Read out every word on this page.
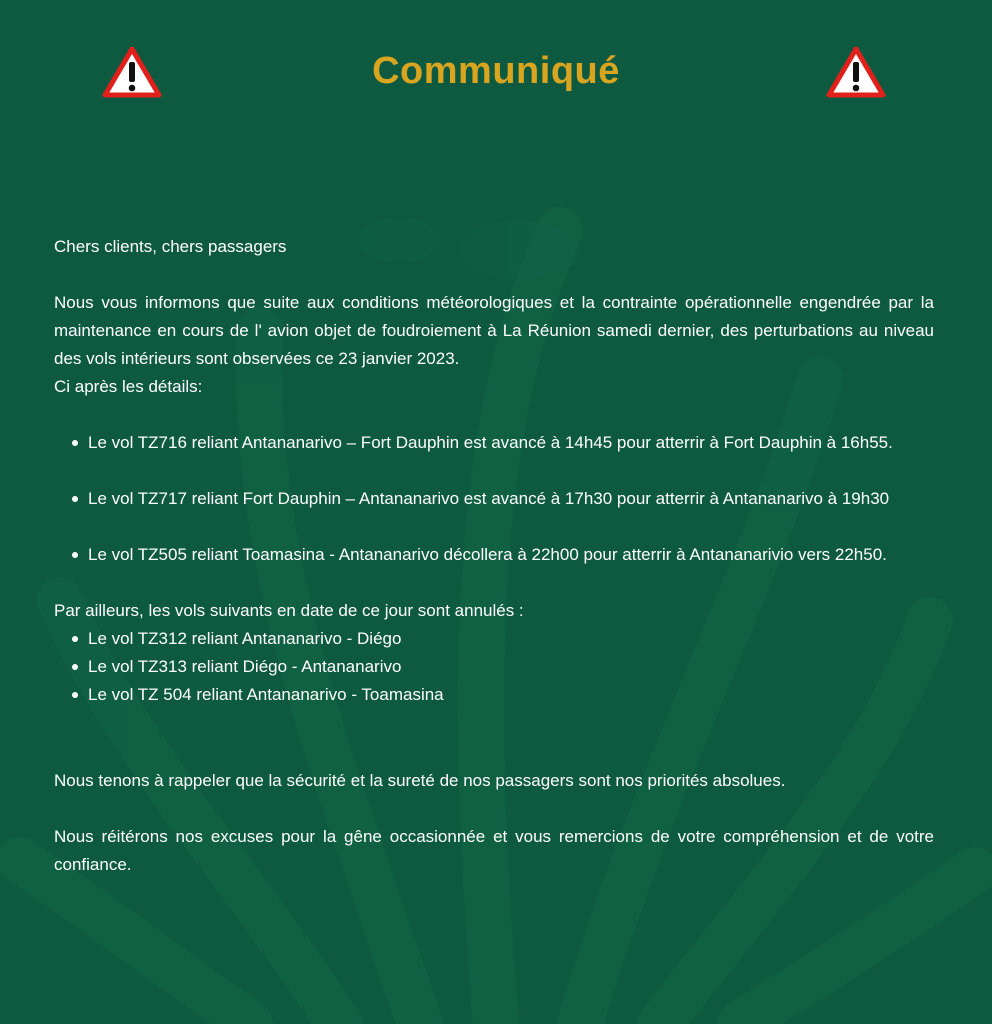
Communiqué

Chers clients, chers passagers

Nous vous informons que suite aux conditions météorologiques et la contrainte opérationnelle engendrée par la maintenance en cours de l' avion objet de foudroiement à La Réunion samedi dernier, des perturbations au niveau des vols intérieurs sont observées ce 23 janvier 2023.

Ci après les détails:

Le vol TZ716 reliant Antananarivo – Fort Dauphin est avancé à 14h45 pour atterrir à Fort Dauphin à 16h55.

Le vol TZ717 reliant Fort Dauphin – Antananarivo est avancé à 17h30 pour atterrir à Antananarivo à 19h30

Le vol TZ505 reliant Toamasina - Antananarivo décollera à 22h00 pour atterrir à Antananarivio vers 22h50.

Par ailleurs, les vols suivants en date de ce jour sont annulés :

Le vol TZ312 reliant Antananarivo - Diégo

Le vol TZ313 reliant Diégo - Antananarivo

Le vol TZ 504 reliant Antananarivo - Toamasina

Nous tenons à rappeler que la sécurité et la sureté de nos passagers sont nos priorités absolues.

Nous réitérons nos excuses pour la gêne occasionnée et vous remercions de votre compréhension et de votre confiance.
